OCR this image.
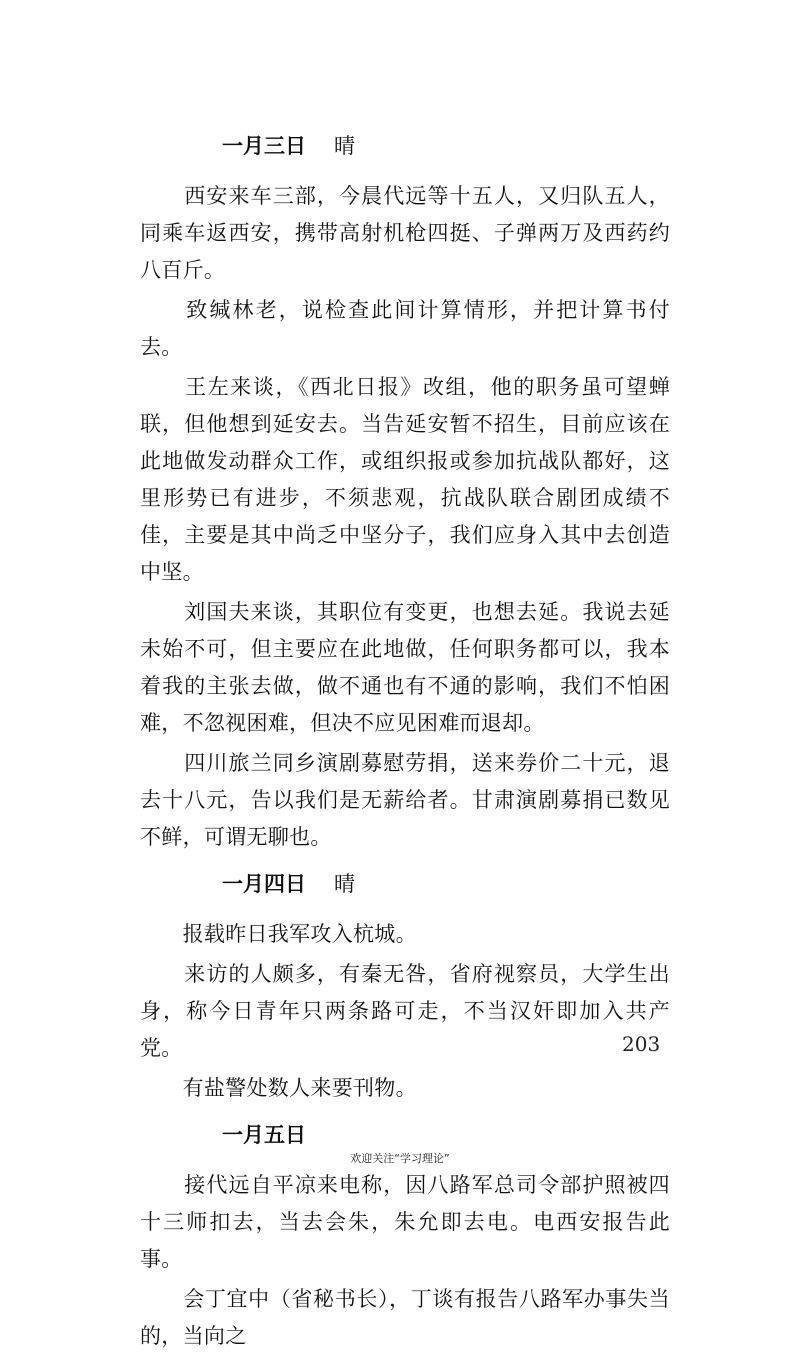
一月三日 晴

　　西安来车三部，今晨代远等十五人，又归队五人，同乘车返西安，携带高射机枪四挺、子弹两万及西药约八百斤。

　　致缄林老，说检查此间计算情形，并把计算书付去。

　　王左来谈，《西北日报》改组，他的职务虽可望蝉联，但他想到延安去。当告延安暂不招生，目前应该在此地做发动群众工作，或组织报或参加抗战队都好，这里形势已有进步，不须悲观，抗战队联合剧团成绩不佳，主要是其中尚乏中坚分子，我们应身入其中去创造中坚。

　　刘国夫来谈，其职位有变更，也想去延。我说去延未始不可，但主要应在此地做，任何职务都可以，我本着我的主张去做，做不通也有不通的影响，我们不怕困难，不忽视困难，但决不应见困难而退却。

　　四川旅兰同乡演剧募慰劳捐，送来券价二十元，退去十八元，告以我们是无薪给者。甘肃演剧募捐已数见不鲜，可谓无聊也。

一月四日 晴

　　报载昨日我军攻入杭城。

　　来访的人颇多，有秦无咎，省府视察员，大学生出身，称今日青年只两条路可走，不当汉奸即加入共产党。

　　有盐警处数人来要刊物。

一月五日

　　接代远自平凉来电称，因八路军总司令部护照被四十三师扣去，当去会朱，朱允即去电。电西安报告此事。

　　会丁宜中（省秘书长），丁谈有报告八路军办事失当的，当向之

203
欢迎关注“学习理论”
